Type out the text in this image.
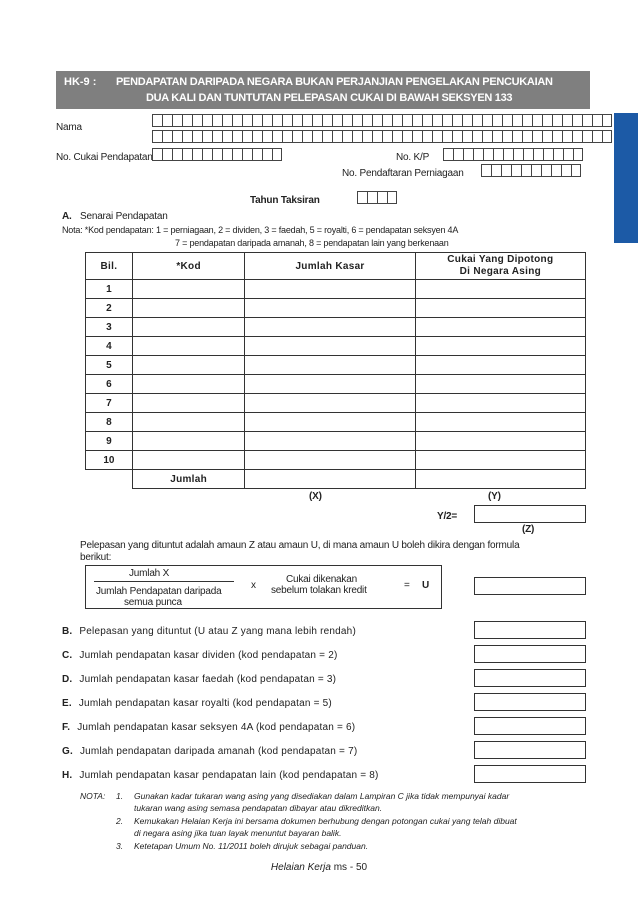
HK-9 : PENDAPATAN DARIPADA NEGARA BUKAN PERJANJIAN PENGELAKAN PENCUKAIAN
DUA KALI DAN TUNTUTAN PELEPASAN CUKAI DI BAWAH SEKSYEN 133
Nama
No. Cukai Pendapatan	No. K/P
No. Pendaftaran Perniagaan
Tahun Taksiran
A. Senarai Pendapatan
Nota: *Kod pendapatan: 1 = perniagaan, 2 = dividen, 3 = faedah, 5 = royalti, 6 = pendapatan seksyen 4A
7 = pendapatan daripada amanah, 8 = pendapatan lain yang berkenaan
Bil.	*Kod	Jumlah Kasar	Cukai Yang Dipotong
Di Negara Asing

1			
2			
3			
4			
5			
6			
7			
8			
9			
10			
	Jumlah		
(X)	(Y)
Y/2=
(Z)
Pelepasan yang dituntut adalah amaun Z atau amaun U, di mana amaun U boleh dikira dengan formula
berikut:
Jumlah X
Jumlah Pendapatan daripada
semua punca
x
Cukai dikenakan
sebelum tolakan kredit	= U
B. Pelepasan yang dituntut (U atau Z yang mana lebih rendah)
C. Jumlah pendapatan kasar dividen (kod pendapatan = 2)
D. Jumlah pendapatan kasar faedah (kod pendapatan = 3)
E. Jumlah pendapatan kasar royalti (kod pendapatan = 5)
F. Jumlah pendapatan kasar seksyen 4A (kod pendapatan = 6)
G. Jumlah pendapatan daripada amanah (kod pendapatan = 7)
H. Jumlah pendapatan kasar pendapatan lain (kod pendapatan = 8)
NOTA: 1. Gunakan kadar tukaran wang asing yang disediakan dalam Lampiran C jika tidak mempunyai kadar
tukaran wang asing semasa pendapatan dibayar atau dikreditkan.
2. Kemukakan Helaian Kerja ini bersama dokumen berhubung dengan potongan cukai yang telah dibuat
di negara asing jika tuan layak menuntut bayaran balik.
3. Ketetapan Umum No. 11/2011 boleh dirujuk sebagai panduan.
Helaian Kerja ms - 50
